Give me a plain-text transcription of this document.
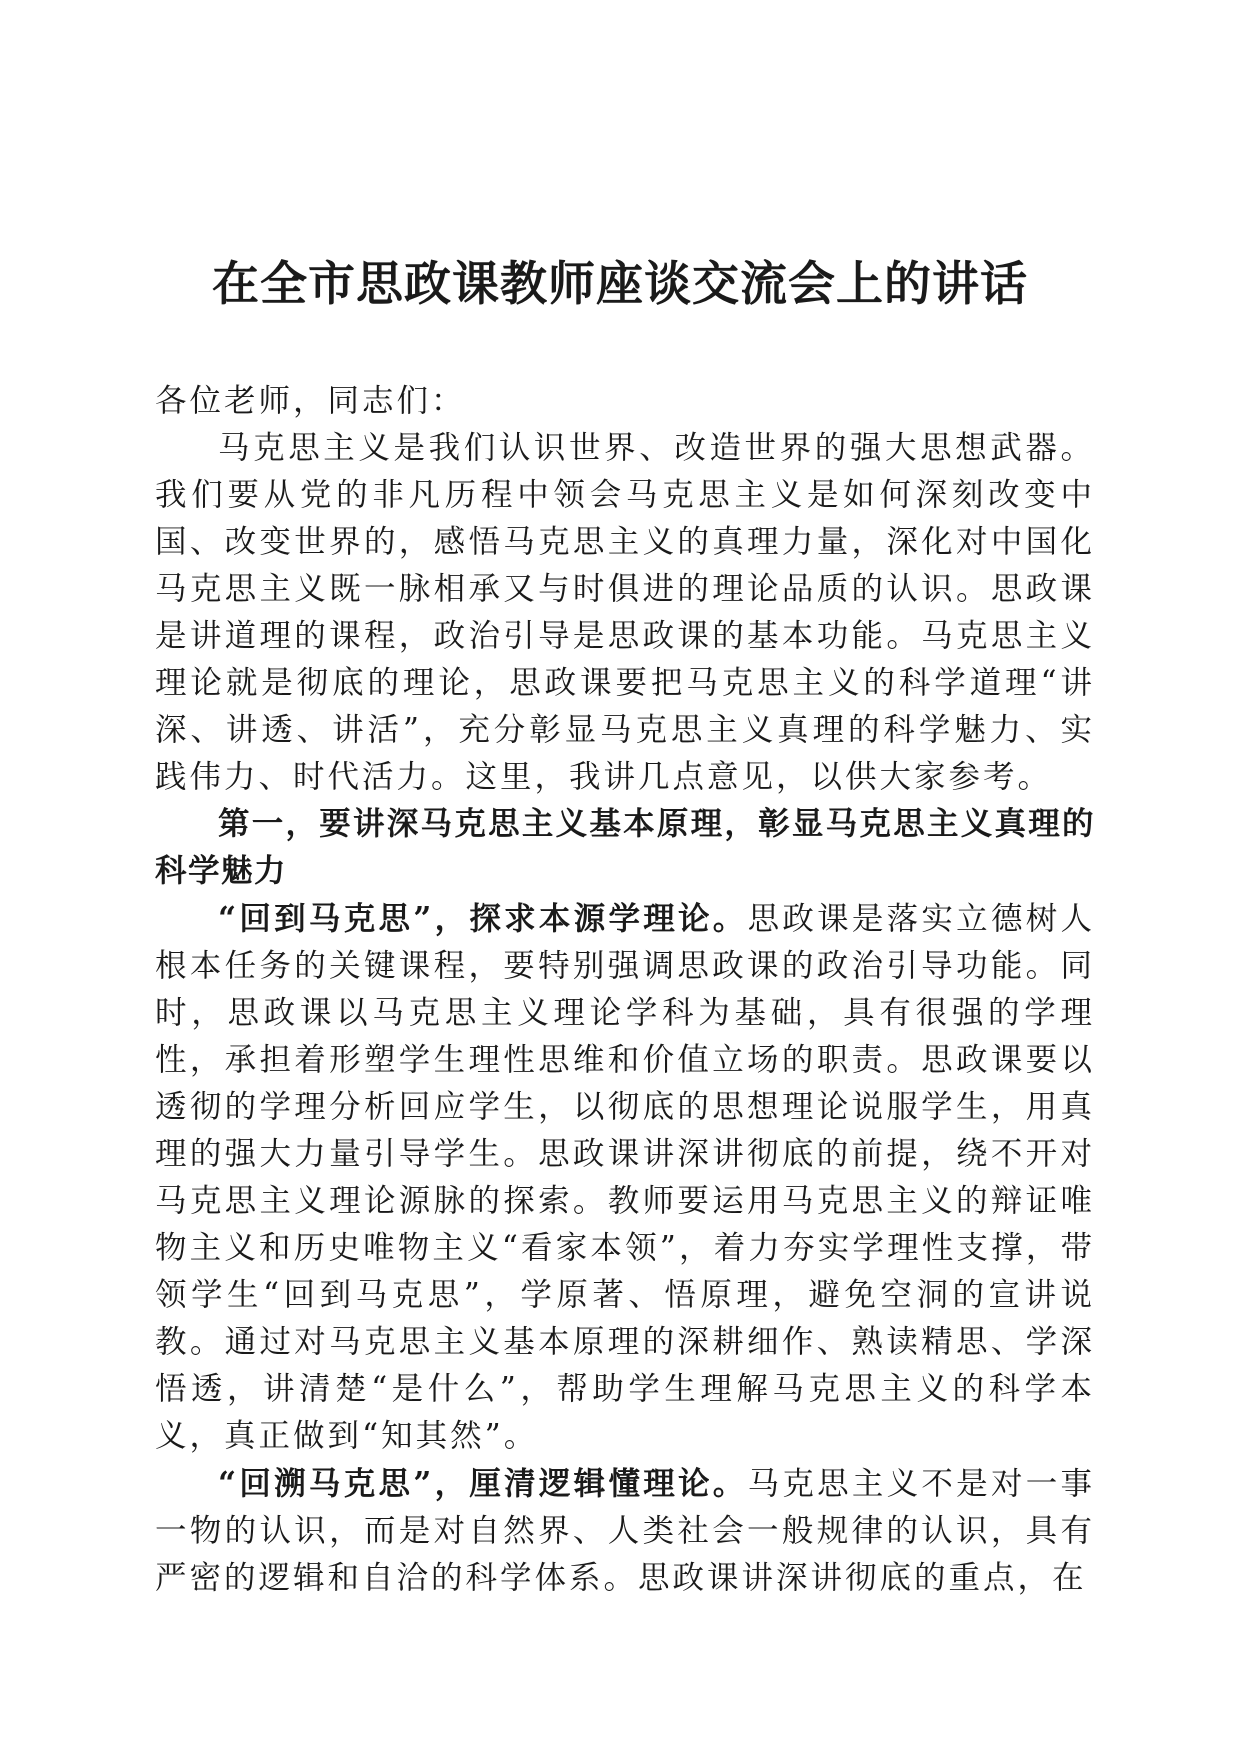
在全市思政课教师座谈交流会上的讲话

各位老师，同志们：

马克思主义是我们认识世界、改造世界的强大思想武器。我们要从党的非凡历程中领会马克思主义是如何深刻改变中国、改变世界的，感悟马克思主义的真理力量，深化对中国化马克思主义既一脉相承又与时俱进的理论品质的认识。思政课是讲道理的课程，政治引导是思政课的基本功能。马克思主义理论就是彻底的理论，思政课要把马克思主义的科学道理“讲深、讲透、讲活”，充分彰显马克思主义真理的科学魅力、实践伟力、时代活力。这里，我讲几点意见，以供大家参考。

第一，要讲深马克思主义基本原理，彰显马克思主义真理的科学魅力

“回到马克思”，探求本源学理论。思政课是落实立德树人根本任务的关键课程，要特别强调思政课的政治引导功能。同时，思政课以马克思主义理论学科为基础，具有很强的学理性，承担着形塑学生理性思维和价值立场的职责。思政课要以透彻的学理分析回应学生，以彻底的思想理论说服学生，用真理的强大力量引导学生。思政课讲深讲彻底的前提，绕不开对马克思主义理论源脉的探索。教师要运用马克思主义的辩证唯物主义和历史唯物主义“看家本领”，着力夯实学理性支撑，带领学生“回到马克思”，学原著、悟原理，避免空洞的宣讲说教。通过对马克思主义基本原理的深耕细作、熟读精思、学深悟透，讲清楚“是什么”，帮助学生理解马克思主义的科学本义，真正做到“知其然”。

“回溯马克思”，厘清逻辑懂理论。马克思主义不是对一事一物的认识，而是对自然界、人类社会一般规律的认识，具有严密的逻辑和自洽的科学体系。思政课讲深讲彻底的重点，在
